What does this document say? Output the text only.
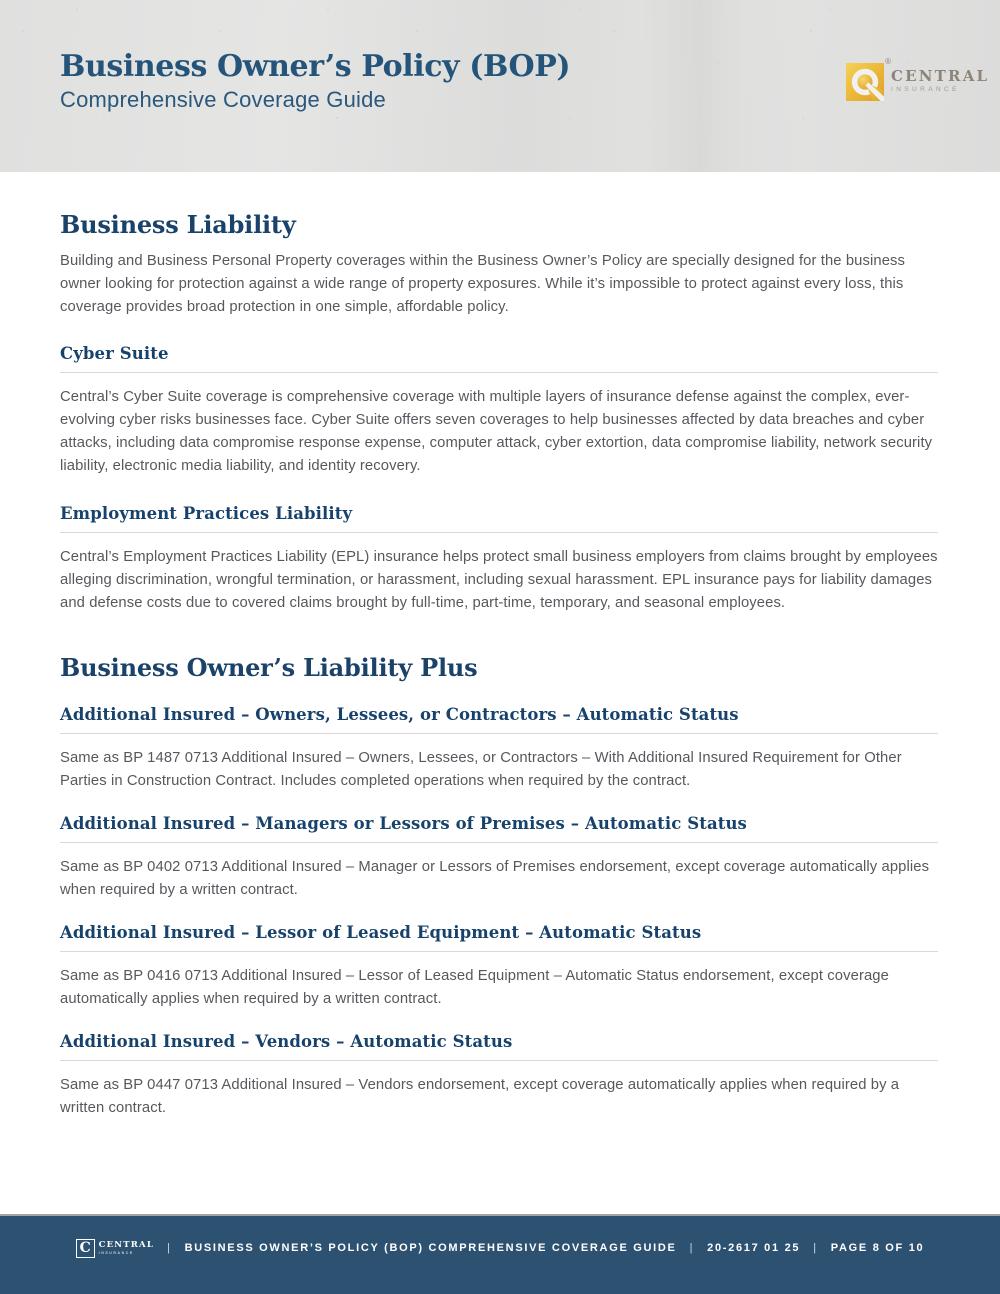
Business Owner’s Policy (BOP)
Comprehensive Coverage Guide
®
CENTRAL
INSURANCE
Business Liability

Building and Business Personal Property coverages within the Business Owner’s Policy are specially designed for the business owner looking for protection against a wide range of property exposures. While it’s impossible to protect against every loss, this coverage provides broad protection in one simple, affordable policy.

Cyber Suite

Central’s Cyber Suite coverage is comprehensive coverage with multiple layers of insurance defense against the complex, ever-evolving cyber risks businesses face. Cyber Suite offers seven coverages to help businesses affected by data breaches and cyber attacks, including data compromise response expense, computer attack, cyber extortion, data compromise liability, network security liability, electronic media liability, and identity recovery.

Employment Practices Liability

Central’s Employment Practices Liability (EPL) insurance helps protect small business employers from claims brought by employees alleging discrimination, wrongful termination, or harassment, including sexual harassment. EPL insurance pays for liability damages and defense costs due to covered claims brought by full-time, part-time, temporary, and seasonal employees.

Business Owner’s Liability Plus
Additional Insured – Owners, Lessees, or Contractors – Automatic Status

Same as BP 1487 0713 Additional Insured – Owners, Lessees, or Contractors – With Additional Insured Requirement for Other Parties in Construction Contract. Includes completed operations when required by the contract.

Additional Insured – Managers or Lessors of Premises – Automatic Status

Same as BP 0402 0713 Additional Insured – Manager or Lessors of Premises endorsement, except coverage automatically applies when required by a written contract.

Additional Insured – Lessor of Leased Equipment – Automatic Status

Same as BP 0416 0713 Additional Insured – Lessor of Leased Equipment – Automatic Status endorsement, except coverage automatically applies when required by a written contract.

Additional Insured – Vendors – Automatic Status

Same as BP 0447 0713 Additional Insured – Vendors endorsement, except coverage automatically applies when required by a written contract.

C CENTRAL
INSURANCE	| BUSINESS OWNER’S POLICY (BOP) COMPREHENSIVE COVERAGE GUIDE | 20-2617 01 25 | PAGE 8 OF 10
